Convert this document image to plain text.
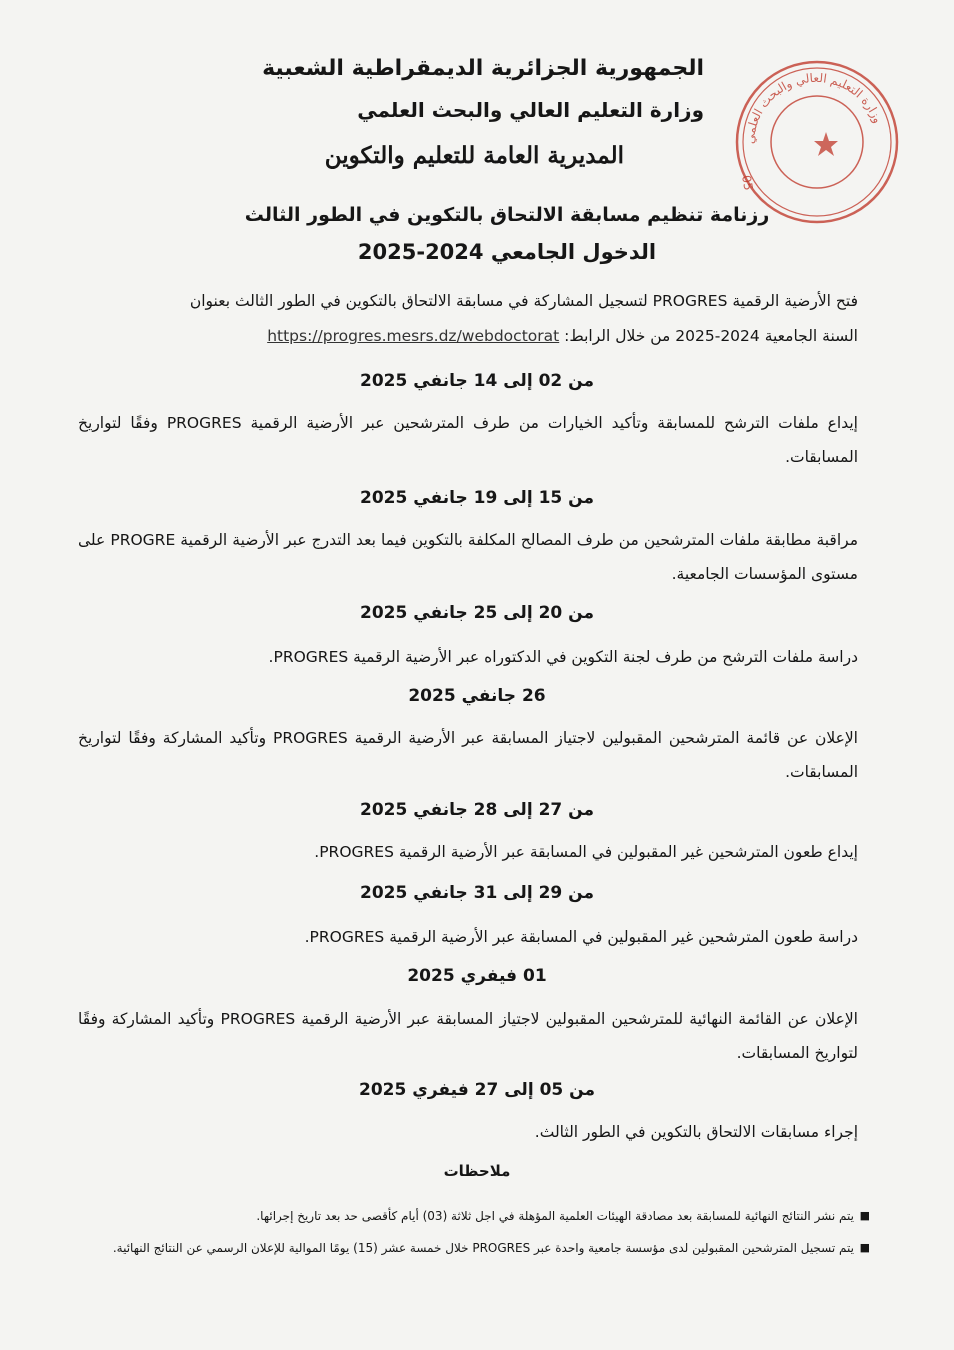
الجمهورية الجزائرية الديمقراطية الشعبية
وزارة التعليم العالي والبحث العلمي
المديرية العامة للتعليم والتكوين
وزارة التعليم العالي والبحث العلمي
05
رزنامة تنظيم مسابقة الالتحاق بالتكوين في الطور الثالث
الدخول الجامعي 2024-2025
فتح الأرضية الرقمية PROGRES لتسجيل المشاركة في مسابقة الالتحاق بالتكوين في الطور الثالث بعنوان
السنة الجامعية 2024-2025 من خلال الرابط: https://progres.mesrs.dz/webdoctorat
من 02 إلى 14 جانفي 2025
إيداع ملفات الترشح للمسابقة وتأكيد الخيارات من طرف المترشحين عبر الأرضية الرقمية PROGRES وفقًا لتواريخ المسابقات.
من 15 إلى 19 جانفي 2025
مراقبة مطابقة ملفات المترشحين من طرف المصالح المكلفة بالتكوين فيما بعد التدرج عبر الأرضية الرقمية PROGRE على مستوى المؤسسات الجامعية.
من 20 إلى 25 جانفي 2025
دراسة ملفات الترشح من طرف لجنة التكوين في الدكتوراه عبر الأرضية الرقمية PROGRES.
26 جانفي 2025
الإعلان عن قائمة المترشحين المقبولين لاجتياز المسابقة عبر الأرضية الرقمية PROGRES وتأكيد المشاركة وفقًا لتواريخ المسابقات.
من 27 إلى 28 جانفي 2025
إيداع طعون المترشحين غير المقبولين في المسابقة عبر الأرضية الرقمية PROGRES.
من 29 إلى 31 جانفي 2025
دراسة طعون المترشحين غير المقبولين في المسابقة عبر الأرضية الرقمية PROGRES.
01 فيفري 2025
الإعلان عن القائمة النهائية للمترشحين المقبولين لاجتياز المسابقة عبر الأرضية الرقمية PROGRES وتأكيد المشاركة وفقًا لتواريخ المسابقات.
من 05 إلى 27 فيفري 2025
إجراء مسابقات الالتحاق بالتكوين في الطور الثالث.
ملاحظات
■
يتم نشر النتائج النهائية للمسابقة بعد مصادقة الهيئات العلمية المؤهلة في اجل ثلاثة (03) أيام كأقصى حد بعد تاريخ إجرائها.
■
يتم تسجيل المترشحين المقبولين لدى مؤسسة جامعية واحدة عبر PROGRES خلال خمسة عشر (15) يومًا الموالية للإعلان الرسمي عن النتائج النهائية.
